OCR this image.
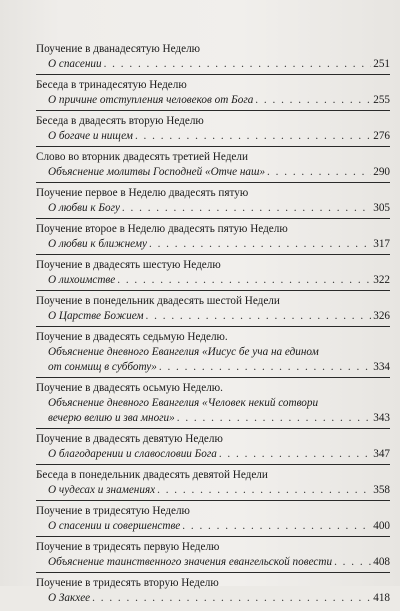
Поучение в дванадесятую Неделю
О спасении . . .	251
Беседа в тринадесятую Неделю
О причине отступления человеков от Бога . . .	255
Беседа в двадесять вторую Неделю
О богаче и нищем . . .	276
Слово во вторник двадесять третией Недели
Объяснение молитвы Господней «Отче наш» . . .	290
Поучение первое в Неделю двадесять пятую
О любви к Богу . . .	305
Поучение второе в Неделю двадесять пятую Неделю
О любви к ближнему . . .	317
Поучение в двадесять шестую Неделю
О лихоимстве . . .	322
Поучение в понедельник двадесять шестой Недели
О Царстве Божием . . .	326
Поучение в двадесять седьмую Неделю.
Объяснение дневного Евангелия «Иисус бе уча на едином
от сонмищ в субботу» . . .	334
Поучение в двадесять осьмую Неделю.
Объяснение дневного Евангелия «Человек некий сотвори
вечерю велию и зва многи» . . .	343
Поучение в двадесять девятую Неделю
О благодарении и славословии Бога . . .	347
Беседа в понедельник двадесять девятой Недели
О чудесах и знамениях . . .	358
Поучение в тридесятую Неделю
О спасении и совершенстве . . .	400
Поучение в тридесять первую Неделю
Объяснение таинственного значения евангельской повести . . .	408
Поучение в тридесять вторую Неделю
О Закхее . . .	418
